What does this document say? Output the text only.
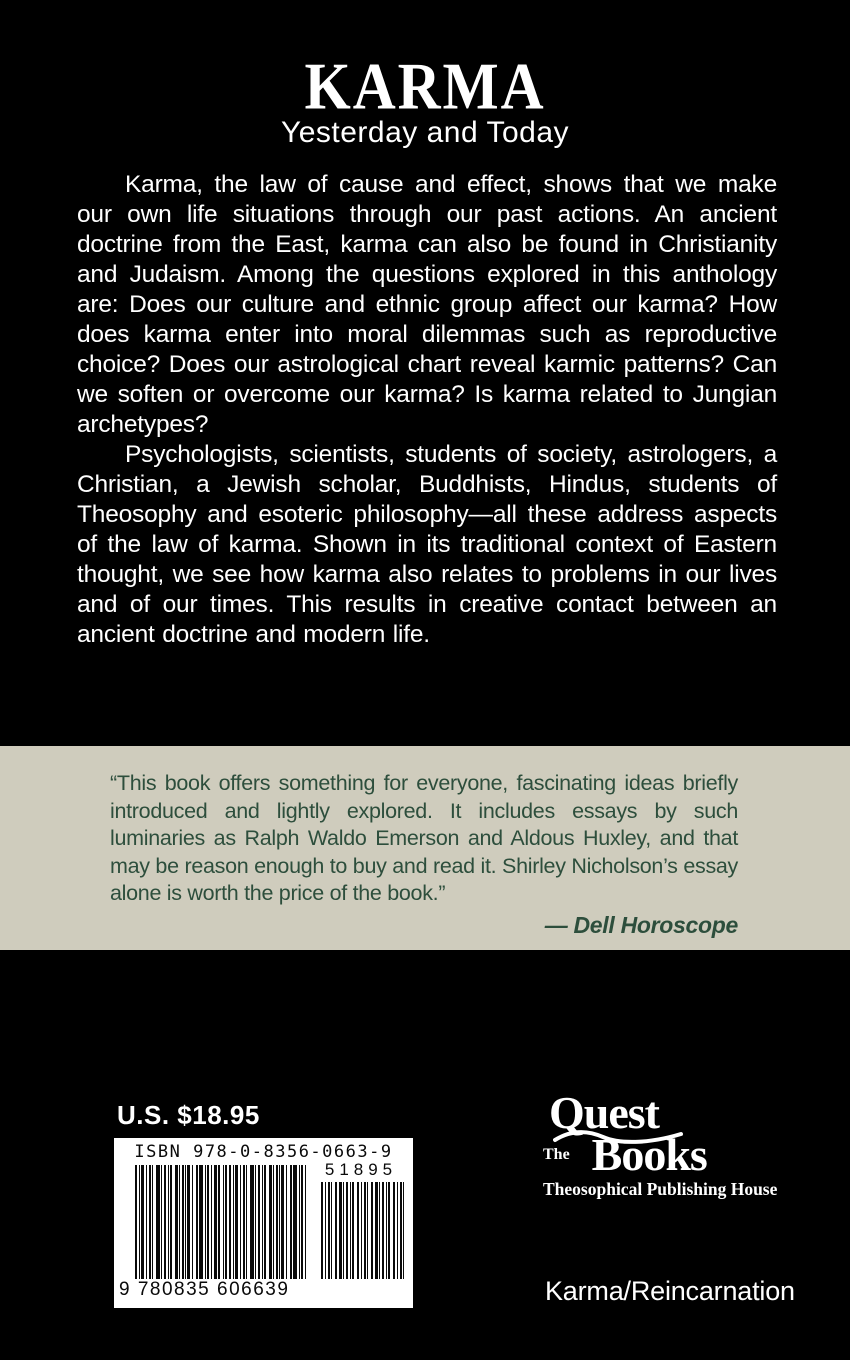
KARMA
Yesterday and Today

Karma, the law of cause and effect, shows that we make our own life situations through our past actions. An ancient doctrine from the East, karma can also be found in Christianity and Judaism. Among the questions explored in this anthology are: Does our culture and ethnic group affect our karma? How does karma enter into moral dilemmas such as reproductive choice? Does our astrological chart reveal karmic patterns? Can we soften or overcome our karma? Is karma related to Jungian archetypes?

Psychologists, scientists, students of society, astrologers, a Christian, a Jewish scholar, Buddhists, Hindus, students of Theosophy and esoteric philosophy—all these address aspects of the law of karma. Shown in its traditional context of Eastern thought, we see how karma also relates to problems in our lives and of our times. This results in creative contact between an ancient doctrine and modern life.

“This book offers something for everyone, fascinating ideas briefly introduced and lightly explored. It includes essays by such luminaries as Ralph Waldo Emerson and Aldous Huxley, and that may be reason enough to buy and read it. Shirley Nicholson’s essay alone is worth the price of the book.”
— Dell Horoscope
U.S. $18.95
ISBN 978-0-8356-0663-9
51895
9 780835 606639
Quest
The Books
Theosophical Publishing House
Karma/Reincarnation
